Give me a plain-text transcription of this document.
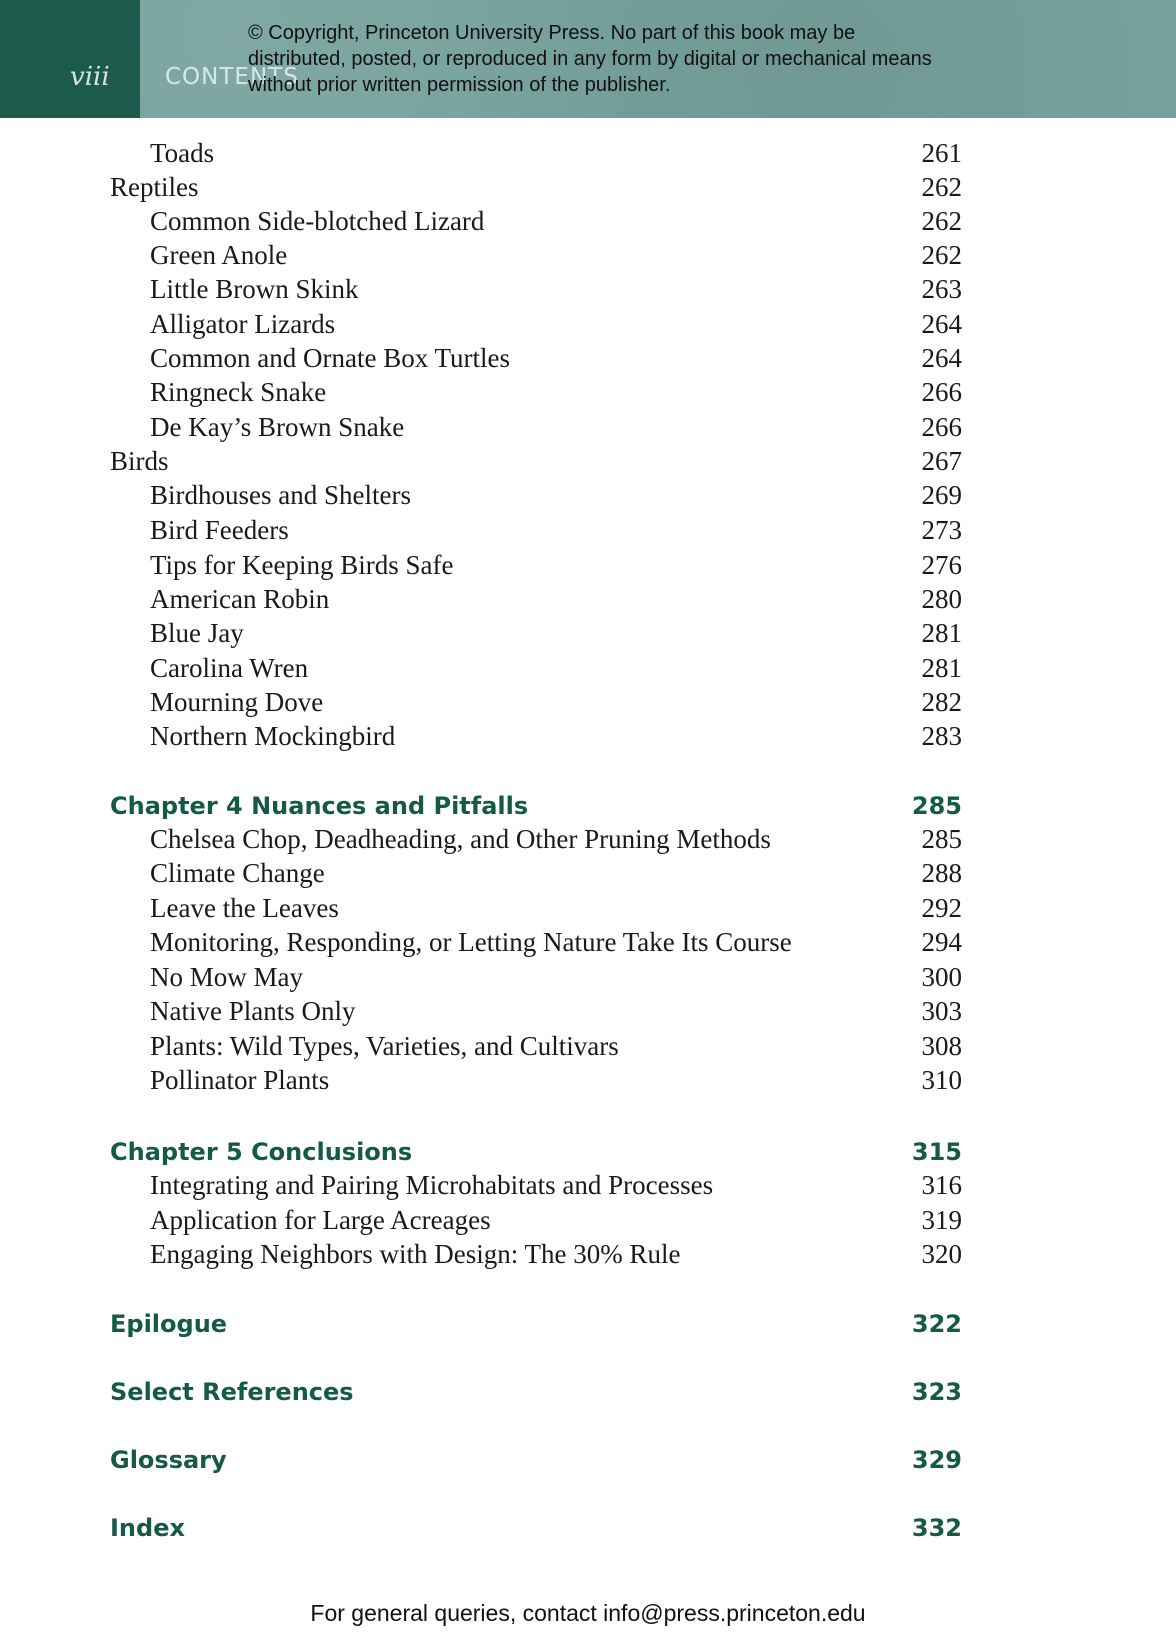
viii CONTENTS
© Copyright, Princeton University Press. No part of this book may be distributed, posted, or reproduced in any form by digital or mechanical means without prior written permission of the publisher.
Toads	261
Reptiles	262
Common Side-blotched Lizard	262
Green Anole	262
Little Brown Skink	263
Alligator Lizards	264
Common and Ornate Box Turtles	264
Ringneck Snake	266
De Kay’s Brown Snake	266
Birds	267
Birdhouses and Shelters	269
Bird Feeders	273
Tips for Keeping Birds Safe	276
American Robin	280
Blue Jay	281
Carolina Wren	281
Mourning Dove	282
Northern Mockingbird	283
Chapter 4 Nuances and Pitfalls	285
Chelsea Chop, Deadheading, and Other Pruning Methods	285
Climate Change	288
Leave the Leaves	292
Monitoring, Responding, or Letting Nature Take Its Course	294
No Mow May	300
Native Plants Only	303
Plants: Wild Types, Varieties, and Cultivars	308
Pollinator Plants	310
Chapter 5 Conclusions	315
Integrating and Pairing Microhabitats and Processes	316
Application for Large Acreages	319
Engaging Neighbors with Design: The 30% Rule	320
Epilogue	322
Select References	323
Glossary	329
Index	332
For general queries, contact info@press.princeton.edu
